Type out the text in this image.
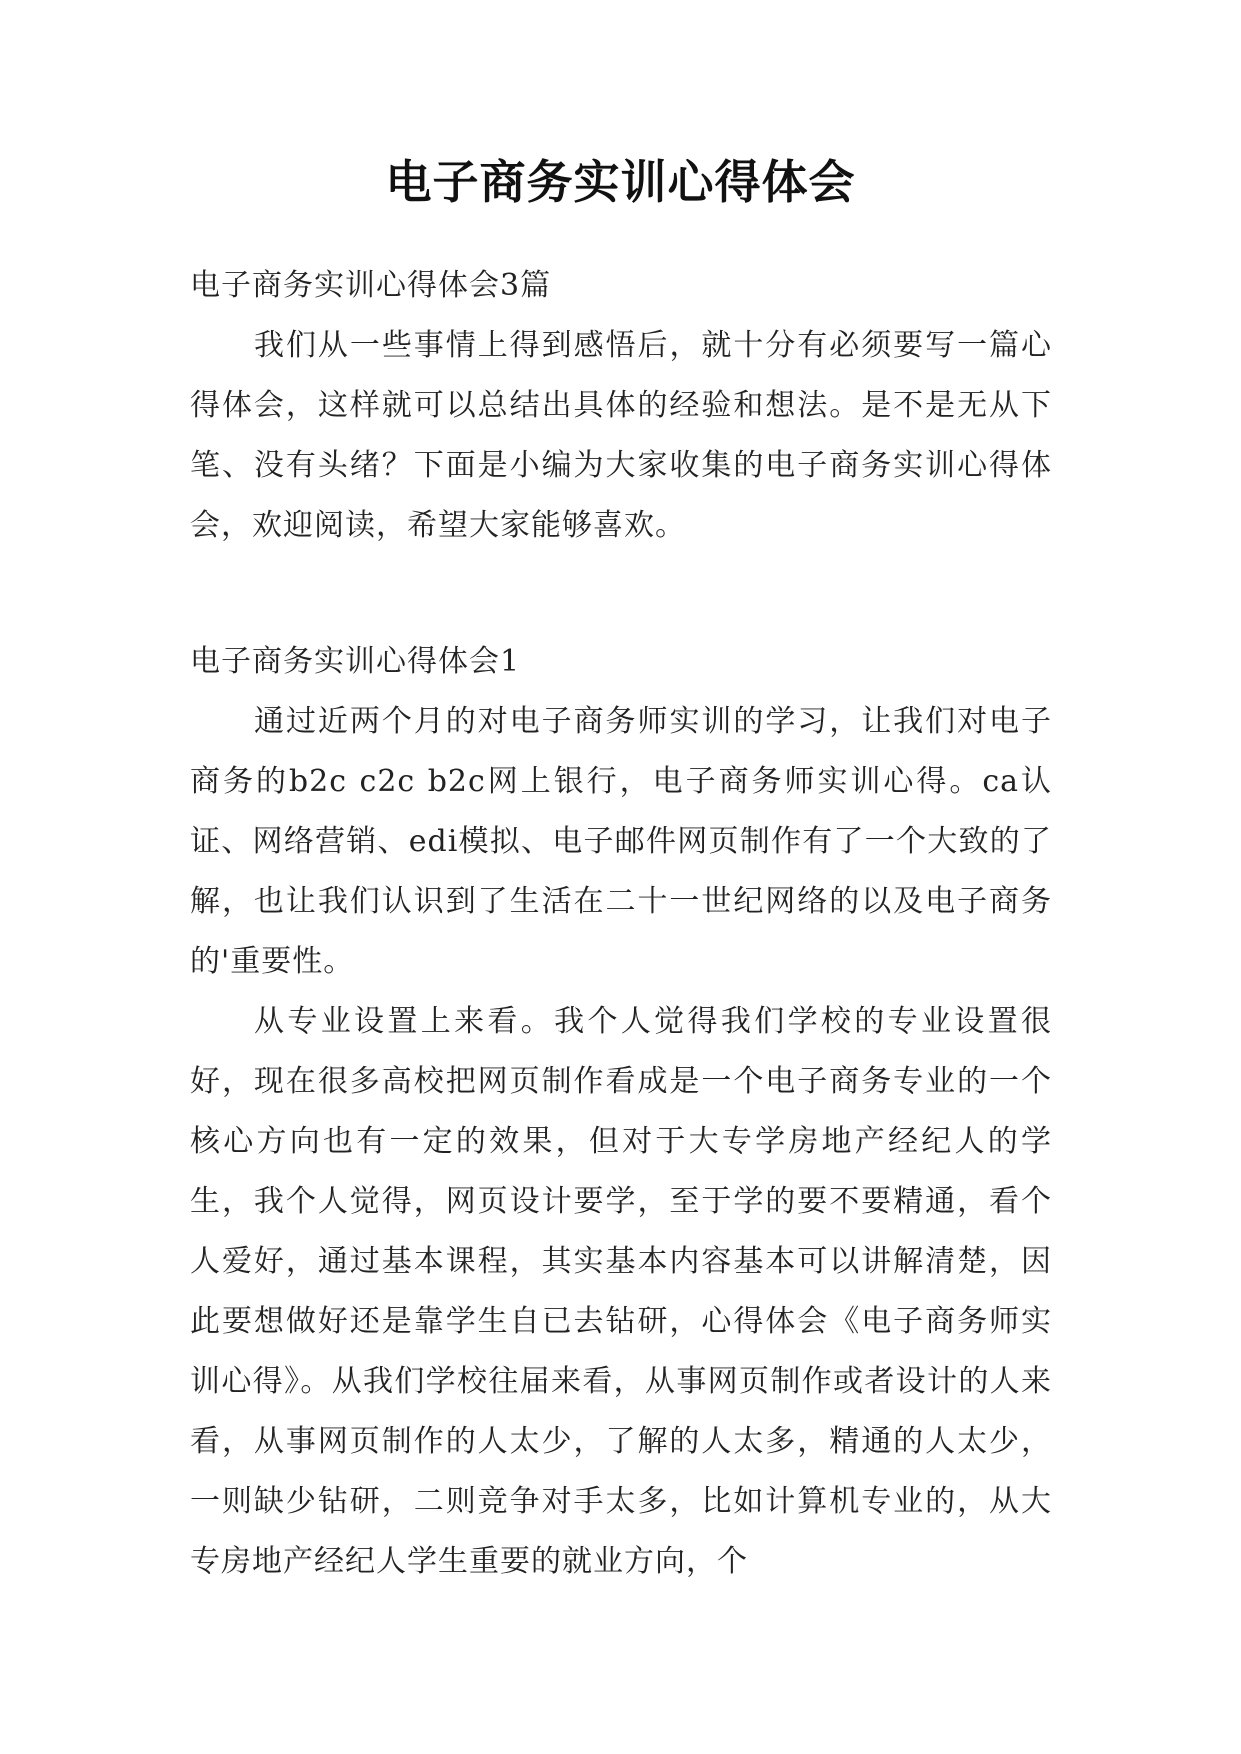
电子商务实训心得体会

电子商务实训心得体会3篇

我们从一些事情上得到感悟后，就十分有必须要写一篇心得体会，这样就可以总结出具体的经验和想法。是不是无从下笔、没有头绪？下面是小编为大家收集的电子商务实训心得体会，欢迎阅读，希望大家能够喜欢。

电子商务实训心得体会1

通过近两个月的对电子商务师实训的学习，让我们对电子商务的b2c c2c b2c网上银行，电子商务师实训心得。ca认证、网络营销、edi模拟、电子邮件网页制作有了一个大致的了解，也让我们认识到了生活在二十一世纪网络的以及电子商务的'重要性。

从专业设置上来看。我个人觉得我们学校的专业设置很好，现在很多高校把网页制作看成是一个电子商务专业的一个核心方向也有一定的效果，但对于大专学房地产经纪人的学生，我个人觉得，网页设计要学，至于学的要不要精通，看个人爱好，通过基本课程，其实基本内容基本可以讲解清楚，因此要想做好还是靠学生自已去钻研，心得体会《电子商务师实训心得》。从我们学校往届来看，从事网页制作或者设计的人来看，从事网页制作的人太少，了解的人太多，精通的人太少，一则缺少钻研，二则竞争对手太多，比如计算机专业的，从大专房地产经纪人学生重要的就业方向，个
